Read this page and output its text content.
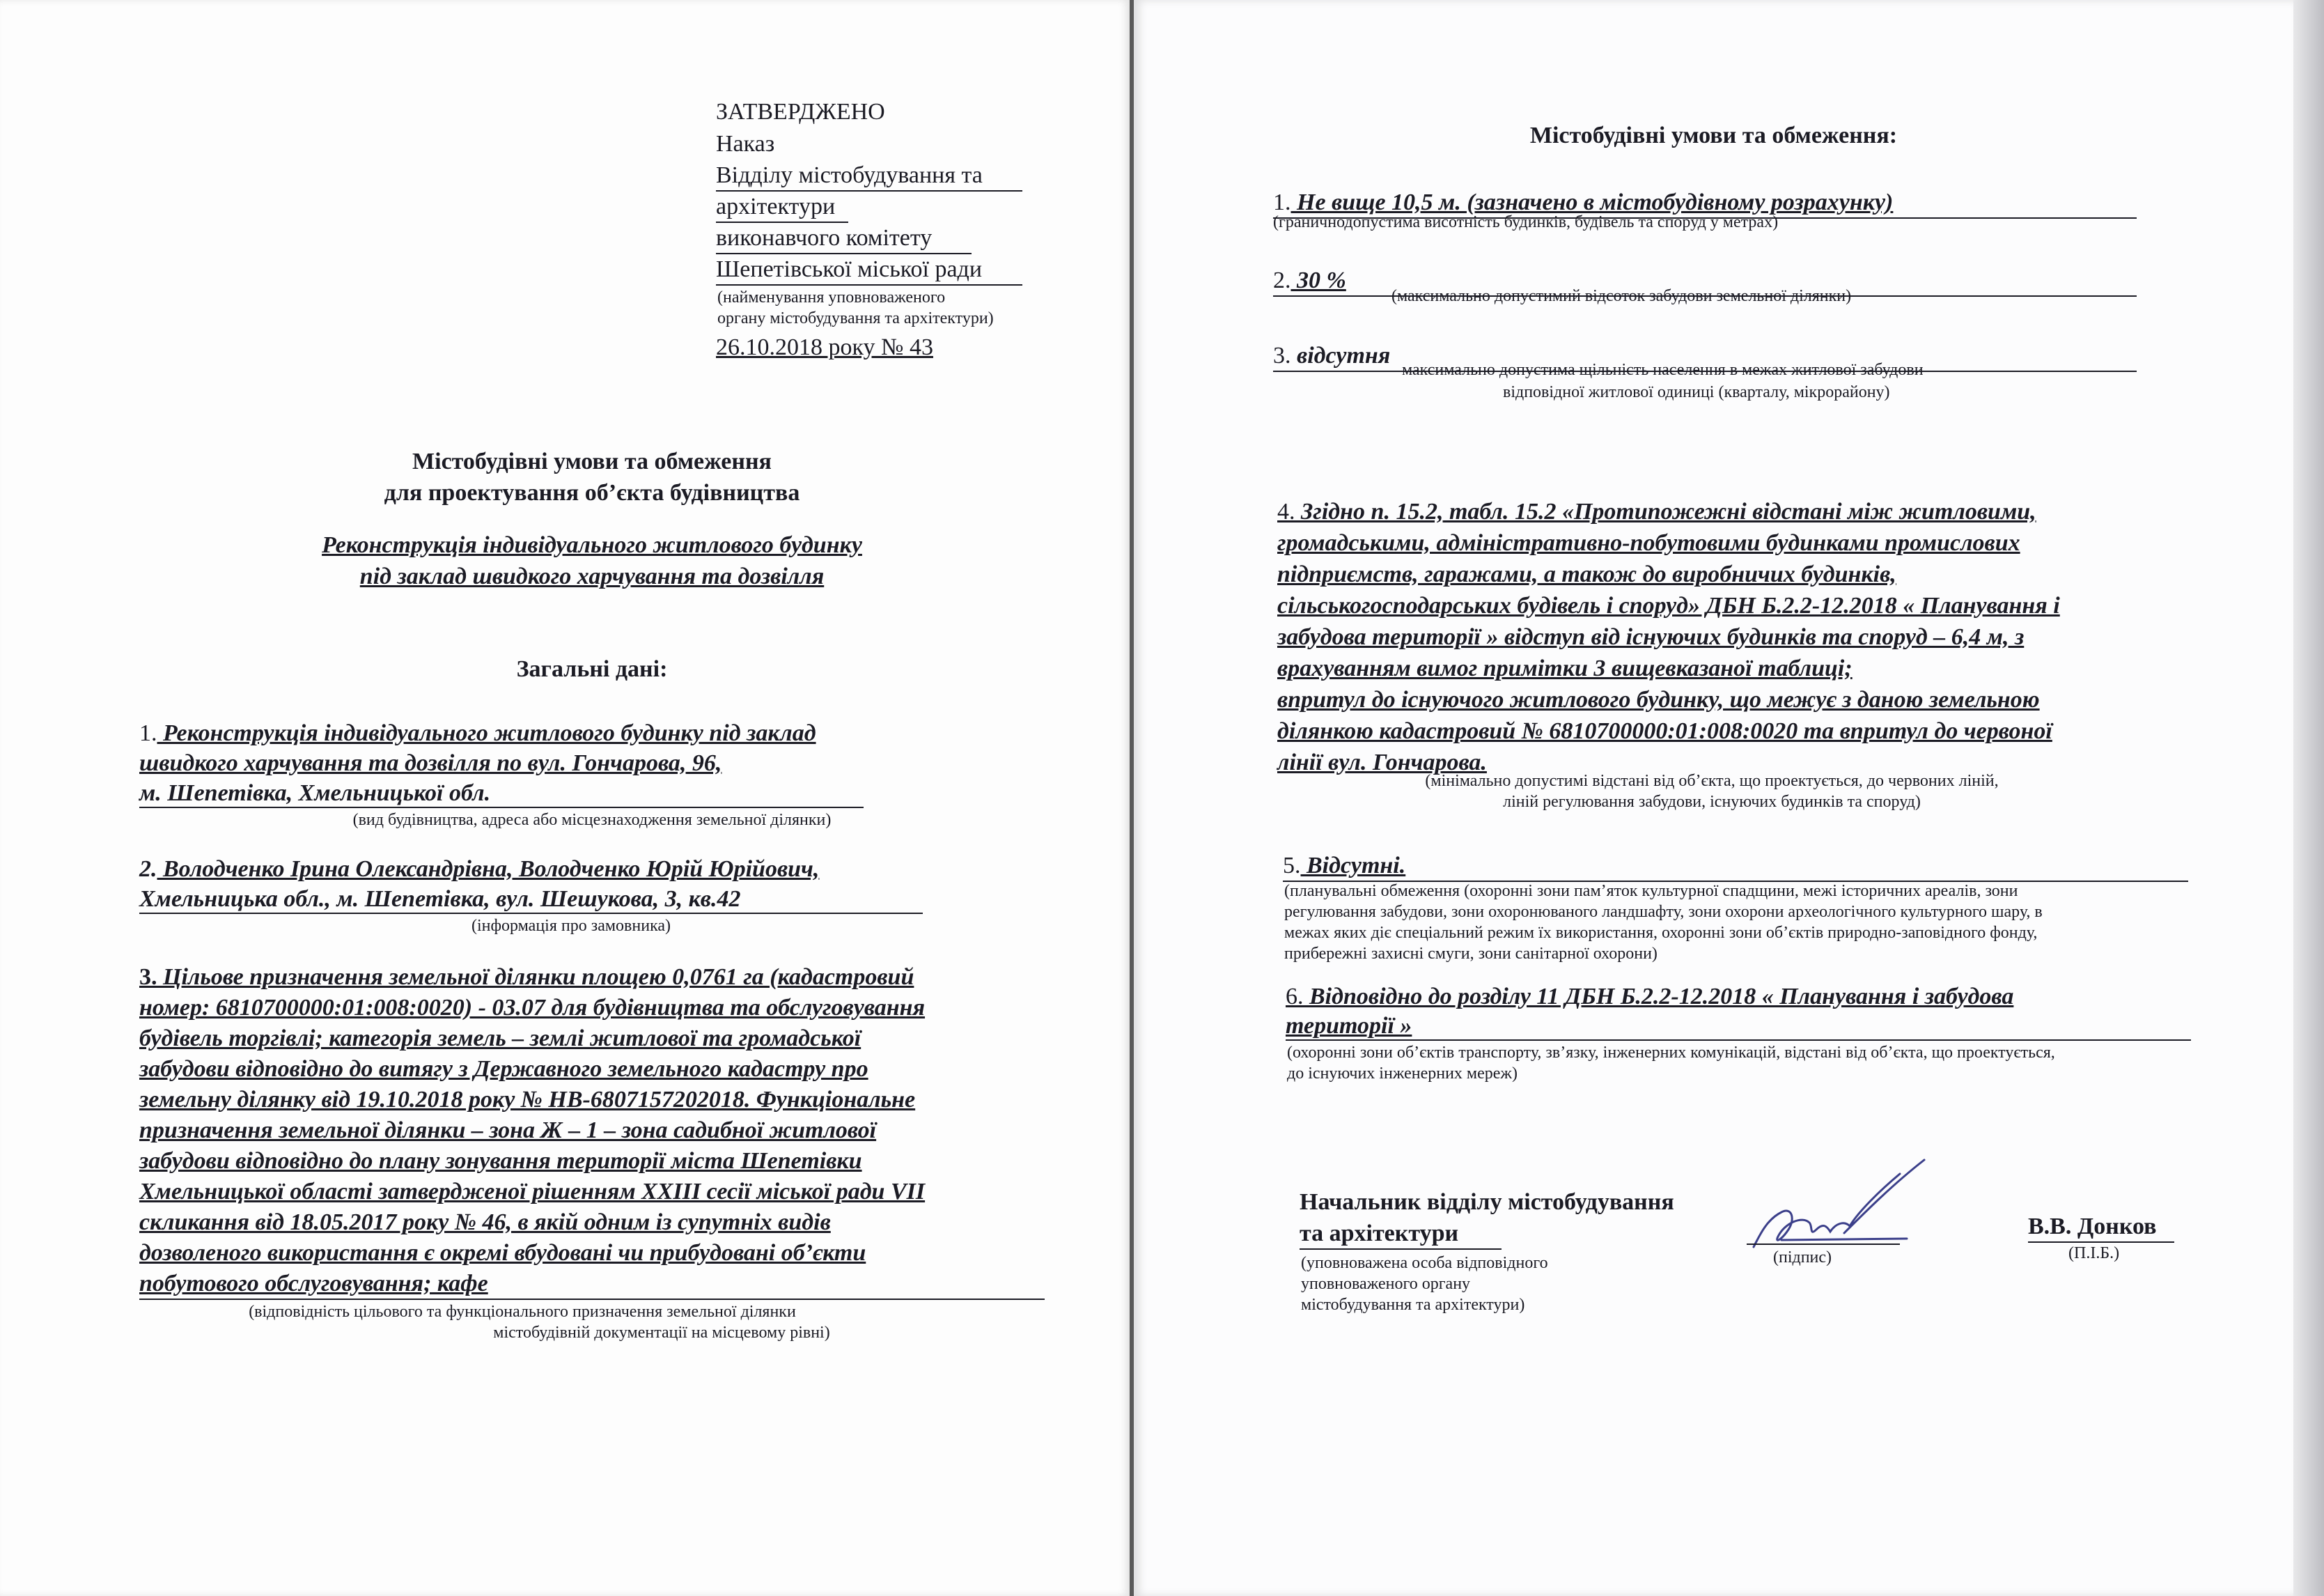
ЗАТВЕРДЖЕНО
Наказ
Відділу містобудування та
архітектури
виконавчого комітету
Шепетівської міської ради
(найменування уповноваженого
органу містобудування та архітектури)
26.10.2018 року № 43
Містобудівні умови та обмеження
для проектування об’єкта будівництва
Реконструкція індивідуального житлового будинку
під заклад швидкого харчування та дозвілля
Загальні дані:
1. Реконструкція індивідуального житлового будинку під заклад
швидкого харчування та дозвілля по вул. Гончарова, 96,
м. Шепетівка, Хмельницької обл.
(вид будівництва, адреса або місцезнаходження земельної ділянки)
2. Володченко Ірина Олександрівна, Володченко Юрій Юрійович,
Хмельницька обл., м. Шепетівка, вул. Шешукова, 3, кв.42
(інформація про замовника)
3. Цільове призначення земельної ділянки площею 0,0761 га (кадастровий
номер: 6810700000:01:008:0020) - 03.07 для будівництва та обслуговування
будівель торгівлі; категорія земель – землі житлової та громадської
забудови відповідно до витягу з Державного земельного кадастру про
земельну ділянку від 19.10.2018 року № НВ-6807157202018. Функціональне
призначення земельної ділянки – зона Ж – 1 – зона садибної житлової
забудови відповідно до плану зонування території міста Шепетівки
Хмельницької області затвердженої рішенням ХХІІІ сесії міської ради VІІ
скликання від 18.05.2017 року № 46, в якій одним із супутніх видів
дозволеного використання є окремі вбудовані чи прибудовані об’єкти
побутового обслуговування; кафе
(відповідність цільового та функціонального призначення земельної ділянки
містобудівній документації на місцевому рівні)
Містобудівні умови та обмеження:
1. Не вище 10,5 м. (зазначено в містобудівному розрахунку)
(граничнодопустима висотність будинків, будівель та споруд у метрах)
2. 30 %
(максимально допустимий відсоток забудови земельної ділянки)
3. відсутня
максимально допустима щільність населення в межах житлової забудови
відповідної житлової одиниці (кварталу, мікрорайону)
4. Згідно п. 15.2, табл. 15.2 «Протипожежні відстані між житловими,
громадськими, адміністративно-побутовими будинками промислових
підприємств, гаражами, а також до виробничих будинків,
сільськогосподарських будівель і споруд» ДБН Б.2.2-12.2018 « Планування і
забудова території » відступ від існуючих будинків та споруд – 6,4 м, з
врахуванням вимог примітки 3 вищевказаної таблиці;
впритул до існуючого житлового будинку, що межує з даною земельною
ділянкою кадастровий № 6810700000:01:008:0020 та впритул до червоної
лінії вул. Гончарова.
(мінімально допустимі відстані від об’єкта, що проектується, до червоних ліній,
ліній регулювання забудови, існуючих будинків та споруд)
5. Відсутні.
(планувальні обмеження (охоронні зони пам’яток культурної спадщини, межі історичних ареалів, зони
регулювання забудови, зони охоронюваного ландшафту, зони охорони археологічного культурного шару, в
межах яких діє спеціальний режим їх використання, охоронні зони об’єктів природно-заповідного фонду,
прибережні захисні смуги, зони санітарної охорони)
6. Відповідно до розділу 11 ДБН Б.2.2-12.2018 « Планування і забудова
території »
(охоронні зони об’єктів транспорту, зв’язку, інженерних комунікацій, відстані від об’єкта, що проектується,
до існуючих інженерних мереж)
Начальник відділу містобудування
та архітектури
(уповноважена особа відповідного
уповноваженого органу
містобудування та архітектури)
(підпис)
В.В. Донков
(П.І.Б.)
